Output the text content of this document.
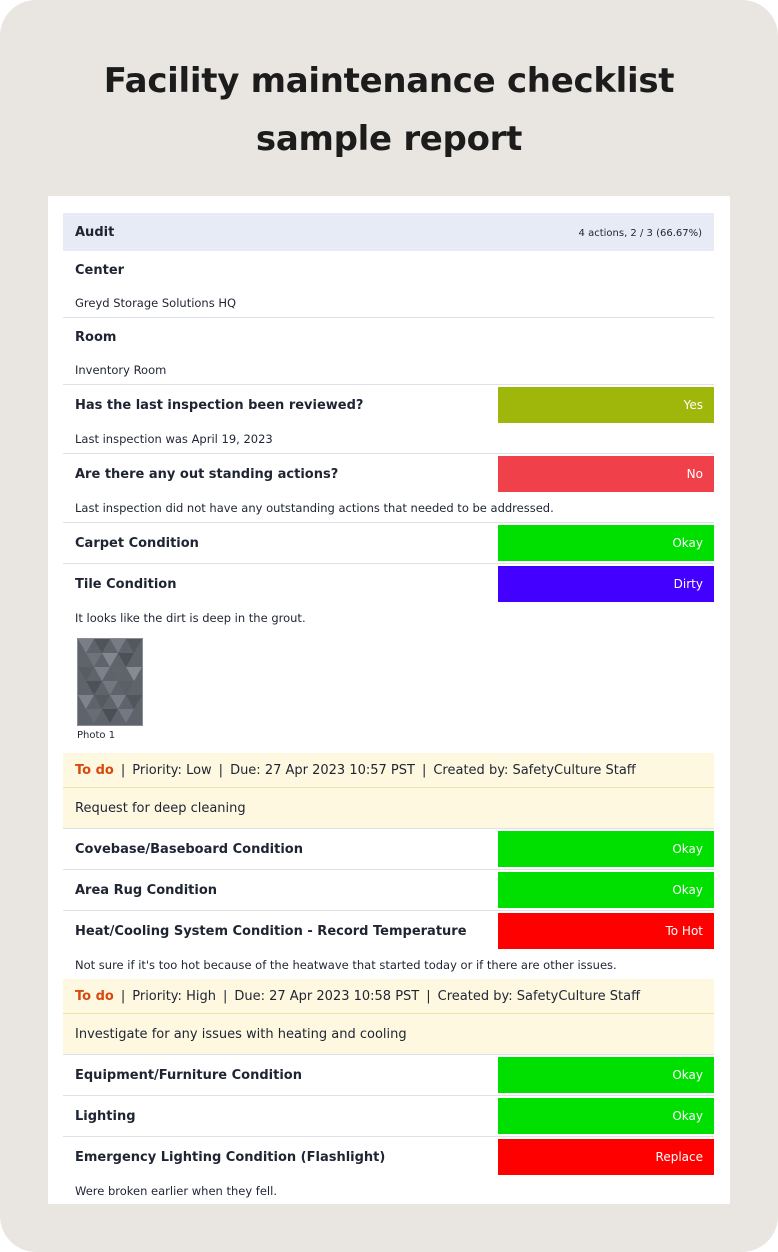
Facility maintenance checklist
sample report
Audit	4 actions, 2 / 3 (66.67%)
Center
Greyd Storage Solutions HQ
Room
Inventory Room
Has the last inspection been reviewed?	Yes
Last inspection was April 19, 2023
Are there any out standing actions?	No
Last inspection did not have any outstanding actions that needed to be addressed.
Carpet Condition	Okay
Tile Condition	Dirty
It looks like the dirt is deep in the grout.
Photo 1
To do | Priority: Low | Due: 27 Apr 2023 10:57 PST | Created by: SafetyCulture Staff
Request for deep cleaning
Covebase/Baseboard Condition	Okay
Area Rug Condition	Okay
Heat/Cooling System Condition - Record Temperature	To Hot
Not sure if it's too hot because of the heatwave that started today or if there are other issues.
To do | Priority: High | Due: 27 Apr 2023 10:58 PST | Created by: SafetyCulture Staff
Investigate for any issues with heating and cooling
Equipment/Furniture Condition	Okay
Lighting	Okay
Emergency Lighting Condition (Flashlight)	Replace
Were broken earlier when they fell.
